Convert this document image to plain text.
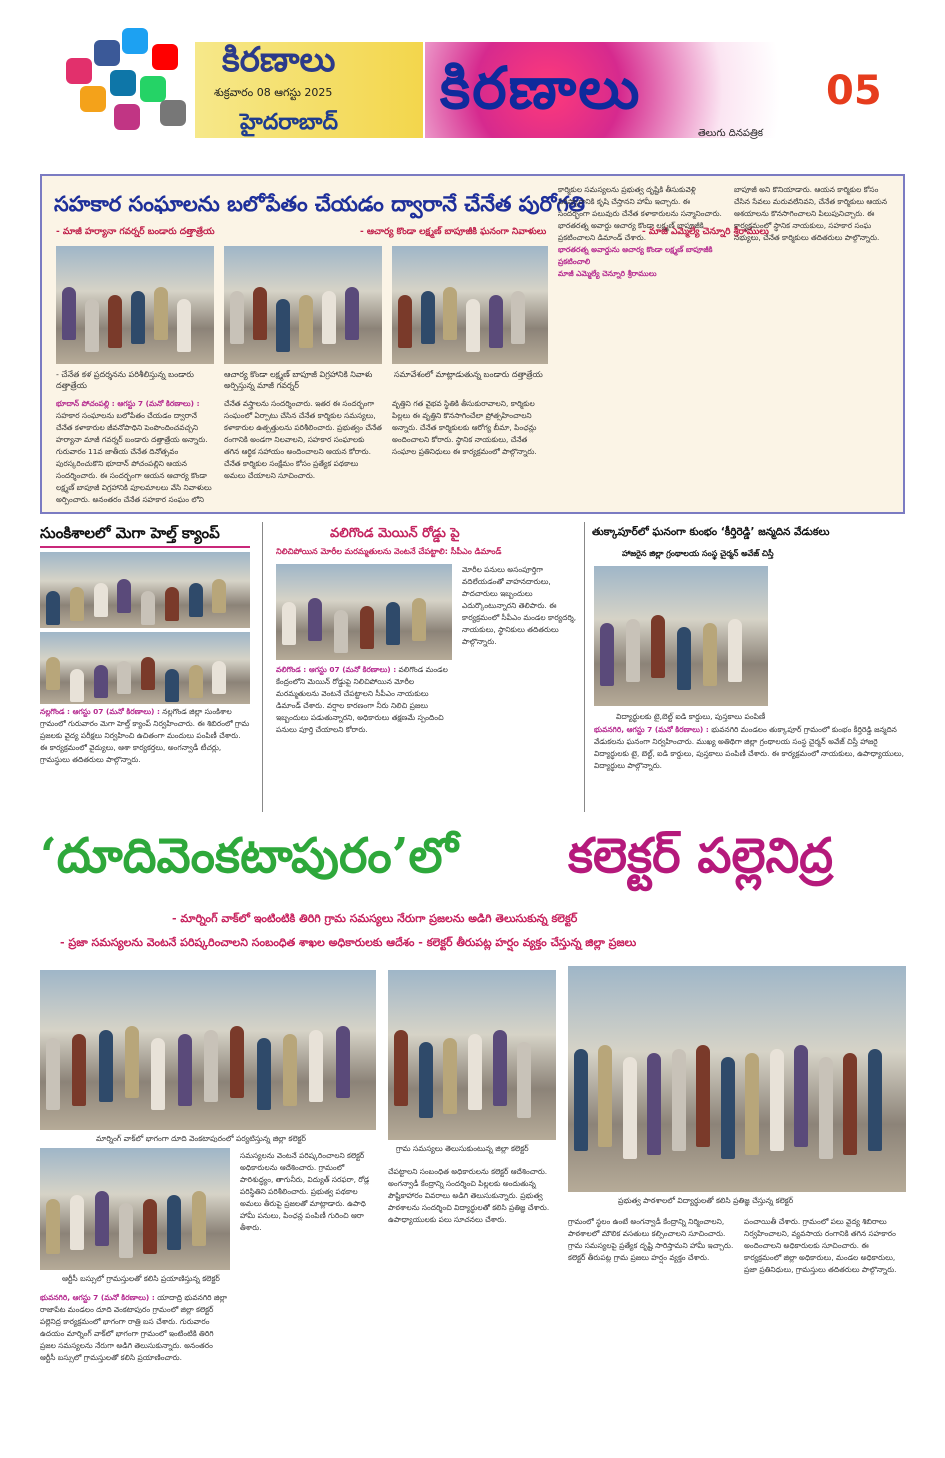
కిరణాలు
శుక్రవారం 08 ఆగస్టు 2025
హైదరాబాద్
కిరణాలు
తెలుగు దినపత్రిక
05
సహకార సంఘాలను బలోపేతం చేయడం ద్వారానే చేనేత పురోగతి
- మాజీ హర్యానా గవర్నర్ బండారు దత్తాత్రేయ	- ఆచార్య కొండా లక్ష్మణ్ బాపూజీకి ఘనంగా నివాళులు	- మాజీ ఎమ్మెల్యే చెన్నూరి శ్రీరాములు
- చేనేత కళ ప్రదర్శనను పరిశీలిస్తున్న బండారు దత్తాత్రేయ
ఆచార్య కొండా లక్ష్మణ్ బాపూజీ విగ్రహానికి నివాళు అర్పిస్తున్న మాజీ గవర్నర్
సమావేశంలో మాట్లాడుతున్న బండారు దత్తాత్రేయ
భూదాన్ పోచంపల్లి : ఆగస్టు 7 (మనో కిరణాలు) : సహకార సంఘాలను బలోపేతం చేయడం ద్వారానే చేనేత కళాకారుల జీవనోపాధిని పెంపొందించవచ్చని హర్యానా మాజీ గవర్నర్ బండారు దత్తాత్రేయ అన్నారు. గురువారం 11వ జాతీయ చేనేత దినోత్సవం పురస్కరించుకొని భూదాన్ పోచంపల్లిని ఆయన సందర్శించారు. ఈ సందర్భంగా ఆయన ఆచార్య కొండా లక్ష్మణ్ బాపూజీ విగ్రహానికి పూలమాలలు వేసి నివాళులు అర్పించారు. అనంతరం చేనేత సహకార సంఘం లోని
చేనేత వస్త్రాలను సందర్శించారు. ఇతర ఈ సందర్భంగా సంఘంలో ఏర్పాటు చేసిన చేనేత కార్మికుల సమస్యలు, కళాకారుల ఉత్పత్తులను పరిశీలించారు. ప్రభుత్వం చేనేత రంగానికి అండగా నిలవాలని, సహకార సంఘాలకు తగిన ఆర్థిక సహాయం అందించాలని ఆయన కోరారు. చేనేత కార్మికుల సంక్షేమం కోసం ప్రత్యేక పథకాలు అమలు చేయాలని సూచించారు.
వృత్తిని గత వైభవ స్థితికి తీసుకురావాలని, కార్మికుల పిల్లలు ఈ వృత్తిని కొనసాగించేలా ప్రోత్సహించాలని అన్నారు. చేనేత కార్మికులకు ఆరోగ్య బీమా, పింఛన్లు అందించాలని కోరారు. స్థానిక నాయకులు, చేనేత సంఘాల ప్రతినిధులు ఈ కార్యక్రమంలో పాల్గొన్నారు.
కార్మికుల సమస్యలను ప్రభుత్వ దృష్టికి తీసుకువెళ్లి పరిష్కారానికి కృషి చేస్తానని హామీ ఇచ్చారు. ఈ సందర్భంగా పలువురు చేనేత కళాకారులను సన్మానించారు. భారతరత్న అవార్డు ఆచార్య కొండా లక్ష్మణ్ బాపూజీకి ప్రకటించాలని డిమాండ్ చేశారు.
భారతరత్న అవార్డును ఆచార్య కొండా లక్ష్మణ్ బాపూజీకి ప్రకటించాలి
మాజీ ఎమ్మెల్యే చెన్నూరి శ్రీరాములు
బాపూజీ అని కొనియాడారు. ఆయన కార్మికుల కోసం చేసిన సేవలు మరువలేనివని, చేనేత కార్మికులు ఆయన ఆశయాలను కొనసాగించాలని పిలుపునిచ్చారు. ఈ కార్యక్రమంలో స్థానిక నాయకులు, సహకార సంఘ సభ్యులు, చేనేత కార్మికులు తదితరులు పాల్గొన్నారు.
సుంకిశాలలో మెగా హెల్త్ క్యాంప్
నల్లగొండ : ఆగస్టు 07 (మనో కిరణాలు) : నల్లగొండ జిల్లా సుంకిశాల గ్రామంలో గురువారం మెగా హెల్త్ క్యాంప్ నిర్వహించారు. ఈ శిబిరంలో గ్రామ ప్రజలకు వైద్య పరీక్షలు నిర్వహించి ఉచితంగా మందులు పంపిణీ చేశారు. ఈ కార్యక్రమంలో వైద్యులు, ఆశా కార్యకర్తలు, అంగన్వాడీ టీచర్లు, గ్రామస్థులు తదితరులు పాల్గొన్నారు.
వలిగొండ మెయిన్ రోడ్డు పై
నిలిచిపోయిన మోరీల మరమ్మతులను వెంటనే చేపట్టాలి: సీపీఎం డిమాండ్
వలిగొండ : ఆగస్టు 07 (మనో కిరణాలు) : వలిగొండ మండల కేంద్రంలోని మెయిన్ రోడ్డుపై నిలిచిపోయిన మోరీల మరమ్మతులను వెంటనే చేపట్టాలని సీపీఎం నాయకులు డిమాండ్ చేశారు. వర్షాల కారణంగా నీరు నిలిచి ప్రజలు ఇబ్బందులు పడుతున్నారని, అధికారులు తక్షణమే స్పందించి పనులు పూర్తి చేయాలని కోరారు.
మోరీల పనులు అసంపూర్తిగా వదిలేయడంతో వాహనదారులు, పాదచారులు ఇబ్బందులు ఎదుర్కొంటున్నారని తెలిపారు. ఈ కార్యక్రమంలో సీపీఎం మండల కార్యదర్శి, నాయకులు, స్థానికులు తదితరులు పాల్గొన్నారు.
తుక్కాపూర్‌లో ఘనంగా కుంభం ‘కీర్తిరెడ్డి’ జన్మదిన వేడుకలు
హాజరైన జిల్లా గ్రంథాలయ సంస్థ చైర్మన్ అవేజ్ చిస్తీ
విద్యార్థులకు టై,బెల్ట్ ఐడి కార్డులు, పుస్తకాలు పంపిణీ
భువనగిరి, ఆగస్టు 7 (మనో కిరణాలు) : భువనగిరి మండలం తుక్కాపూర్ గ్రామంలో కుంభం కీర్తిరెడ్డి జన్మదిన వేడుకలను ఘనంగా నిర్వహించారు. ముఖ్య అతిథిగా జిల్లా గ్రంథాలయ సంస్థ చైర్మన్ అవేజ్ చిస్తీ హాజరై విద్యార్థులకు టై, బెల్ట్, ఐడి కార్డులు, పుస్తకాలు పంపిణీ చేశారు. ఈ కార్యక్రమంలో నాయకులు, ఉపాధ్యాయులు, విద్యార్థులు పాల్గొన్నారు.
‘దూదివెంకటాపురం’లో కలెక్టర్ పల్లెనిద్ర
- మార్నింగ్ వాక్‌లో ఇంటింటికి తిరిగి గ్రామ సమస్యలు నేరుగా ప్రజలను అడిగి తెలుసుకున్న కలెక్టర్
- ప్రజా సమస్యలను వెంటనే పరిష్కరించాలని సంబంధిత శాఖల అధికారులకు ఆదేశం - కలెక్టర్ తీరుపట్ల హర్షం వ్యక్తం చేస్తున్న జిల్లా ప్రజలు
మార్నింగ్ వాక్‌లో భాగంగా దూది వెంకటాపురంలో పర్యటిస్తున్న జిల్లా కలెక్టర్
గ్రామ సమస్యలు తెలుసుకుంటున్న జిల్లా కలెక్టర్
ప్రభుత్వ పాఠశాలలో విద్యార్థులతో కలిసి ప్రతిజ్ఞ చేస్తున్న కలెక్టర్
ఆర్టీసీ బస్సులో గ్రామస్తులతో కలిసి ప్రయాణిస్తున్న కలెక్టర్
భువనగిరి, ఆగస్టు 7 (మనో కిరణాలు) : యాదాద్రి భువనగిరి జిల్లా రాజాపేట మండలం దూది వెంకటాపురం గ్రామంలో జిల్లా కలెక్టర్ పల్లెనిద్ర కార్యక్రమంలో భాగంగా రాత్రి బస చేశారు. గురువారం ఉదయం మార్నింగ్ వాక్‌లో భాగంగా గ్రామంలో ఇంటింటికి తిరిగి ప్రజల సమస్యలను నేరుగా అడిగి తెలుసుకున్నారు. అనంతరం ఆర్టీసీ బస్సులో గ్రామస్తులతో కలిసి ప్రయాణించారు.
సమస్యలను వెంటనే పరిష్కరించాలని కలెక్టర్ అధికారులను ఆదేశించారు. గ్రామంలో పారిశుద్ధ్యం, తాగునీరు, విద్యుత్ సరఫరా, రోడ్ల పరిస్థితిని పరిశీలించారు. ప్రభుత్వ పథకాల అమలు తీరుపై ప్రజలతో మాట్లాడారు. ఉపాధి హామీ పనులు, పింఛన్ల పంపిణీ గురించి ఆరా తీశారు.
చేపట్టాలని సంబంధిత అధికారులను కలెక్టర్ ఆదేశించారు. అంగన్వాడీ కేంద్రాన్ని సందర్శించి పిల్లలకు అందుతున్న పౌష్టికాహారం వివరాలు అడిగి తెలుసుకున్నారు. ప్రభుత్వ పాఠశాలను సందర్శించి విద్యార్థులతో కలిసి ప్రతిజ్ఞ చేశారు. ఉపాధ్యాయులకు పలు సూచనలు చేశారు.	గ్రామంలో స్థలం ఉంటే అంగన్వాడీ కేంద్రాన్ని నిర్మించాలని, పాఠశాలలో మౌలిక వసతులు కల్పించాలని సూచించారు. గ్రామ సమస్యలపై ప్రత్యేక దృష్టి సారిస్తామని హామీ ఇచ్చారు. కలెక్టర్ తీరుపట్ల గ్రామ ప్రజలు హర్షం వ్యక్తం చేశారు.
పంచాయితీ చేశారు. గ్రామంలో పలు వైద్య శిబిరాలు నిర్వహించాలని, వ్యవసాయ రంగానికి తగిన సహకారం అందించాలని అధికారులకు సూచించారు. ఈ కార్యక్రమంలో జిల్లా అధికారులు, మండల అధికారులు, ప్రజా ప్రతినిధులు, గ్రామస్తులు తదితరులు పాల్గొన్నారు.
